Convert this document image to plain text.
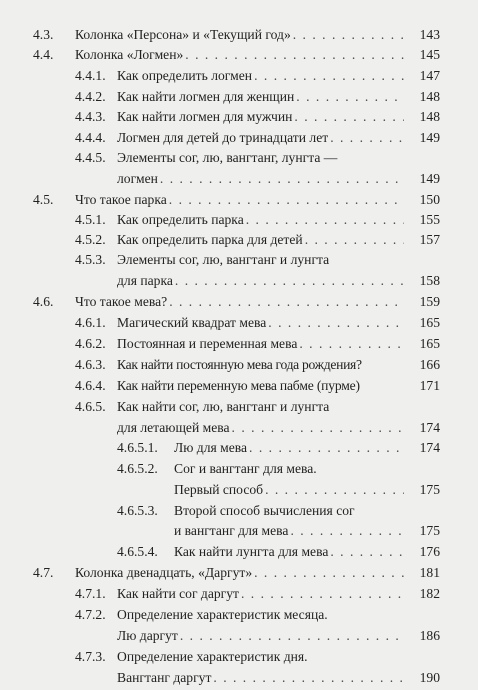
4.3. Колонка «Персона» и «Текущий год» . . .	143
4.4. Колонка «Логмен» . . .	145
4.4.1. Как определить логмен . . .	147
4.4.2. Как найти логмен для женщин . . .	148
4.4.3. Как найти логмен для мужчин . . .	148
4.4.4. Логмен для детей до тринадцати лет . . .	149
4.4.5. Элементы сог, лю, вангтанг, лунгта —
логмен . . .	149
4.5. Что такое парка . . .	150
4.5.1. Как определить парка . . .	155
4.5.2. Как определить парка для детей . . .	157
4.5.3. Элементы сог, лю, вангтанг и лунгта
для парка . . .	158
4.6. Что такое мева? . . .	159
4.6.1. Магический квадрат мева . . .	165
4.6.2. Постоянная и переменная мева . . .	165
4.6.3. Как найти постоянную мева года рождения?	166
4.6.4. Как найти переменную мева пабме (пурме)	171
4.6.5. Как найти сог, лю, вангтанг и лунгта
для летающей мева . . .	174
4.6.5.1. Лю для мева . . .	174
4.6.5.2. Сог и вангтанг для мева.
Первый способ . . .	175
4.6.5.3. Второй способ вычисления сог
и вангтанг для мева . . .	175
4.6.5.4. Как найти лунгта для мева . . .	176
4.7. Колонка двенадцать, «Даргут» . . .	181
4.7.1. Как найти сог даргут . . .	182
4.7.2. Определение характеристик месяца.
Лю даргут . . .	186
4.7.3. Определение характеристик дня.
Вангтанг даргут . . .	190
